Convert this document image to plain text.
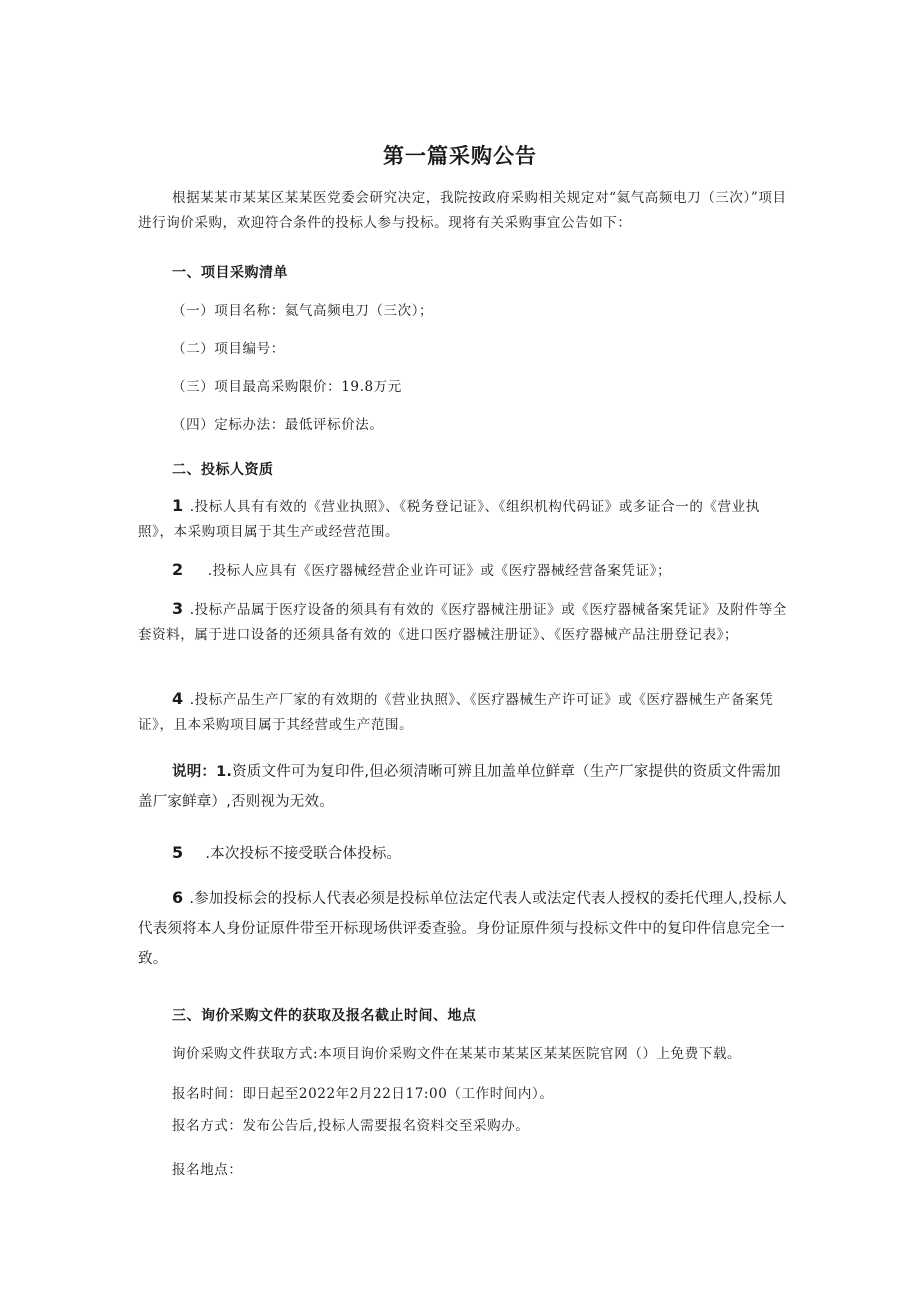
第一篇采购公告

根据某某市某某区某某医党委会研究决定，我院按政府采购相关规定对“氦气高频电刀（三次）”项目进行询价采购，欢迎符合条件的投标人参与投标。现将有关采购事宜公告如下：

一、项目采购清单

（一）项目名称：氦气高频电刀（三次）；

（二）项目编号：

（三）项目最高采购限价：19.8万元

（四）定标办法：最低评标价法。

二、投标人资质

1 .投标人具有有效的《营业执照》、《税务登记证》、《组织机构代码证》或多证合一的《营业执照》，本采购项目属于其生产或经营范围。

2 .投标人应具有《医疗器械经营企业许可证》或《医疗器械经营备案凭证》；

3 .投标产品属于医疗设备的须具有有效的《医疗器械注册证》或《医疗器械备案凭证》及附件等全套资料，属于进口设备的还须具备有效的《进口医疗器械注册证》、《医疗器械产品注册登记表》；

4 .投标产品生产厂家的有效期的《营业执照》、《医疗器械生产许可证》或《医疗器械生产备案凭证》，且本采购项目属于其经营或生产范围。

说明：1.资质文件可为复印件,但必须清晰可辨且加盖单位鲜章（生产厂家提供的资质文件需加盖厂家鲜章）,否则视为无效。

5 .本次投标不接受联合体投标。

6 .参加投标会的投标人代表必须是投标单位法定代表人或法定代表人授权的委托代理人,投标人代表须将本人身份证原件带至开标现场供评委查验。身份证原件须与投标文件中的复印件信息完全一致。

三、询价采购文件的获取及报名截止时间、地点

询价采购文件获取方式:本项目询价采购文件在某某市某某区某某医院官网（）上免费下载。

报名时间：即日起至2022年2月22日17:00（工作时间内）。

报名方式：发布公告后,投标人需要报名资料交至采购办。

报名地点：
